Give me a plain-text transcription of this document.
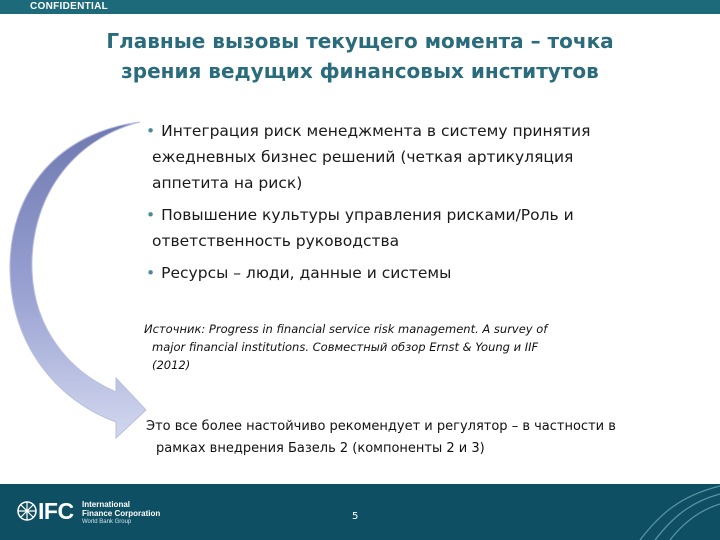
CONFIDENTIAL
Главные вызовы текущего момента – точка
зрения ведущих финансовых институтов
• Интеграция риск менеджмента в систему принятия
ежедневных бизнес решений (четкая артикуляция
аппетита на риск)
• Повышение культуры управления рисками/Роль и
ответственность руководства
• Ресурсы – люди, данные и системы
Источник: Progress in financial service risk management. A survey of
major financial institutions. Совместный обзор Ernst & Young и IIF
(2012)
Это все более настойчиво рекомендует и регулятор – в частности в
рамках внедрения Базель 2 (компоненты 2 и 3)
IFC International
Finance Corporation
World Bank Group	5
